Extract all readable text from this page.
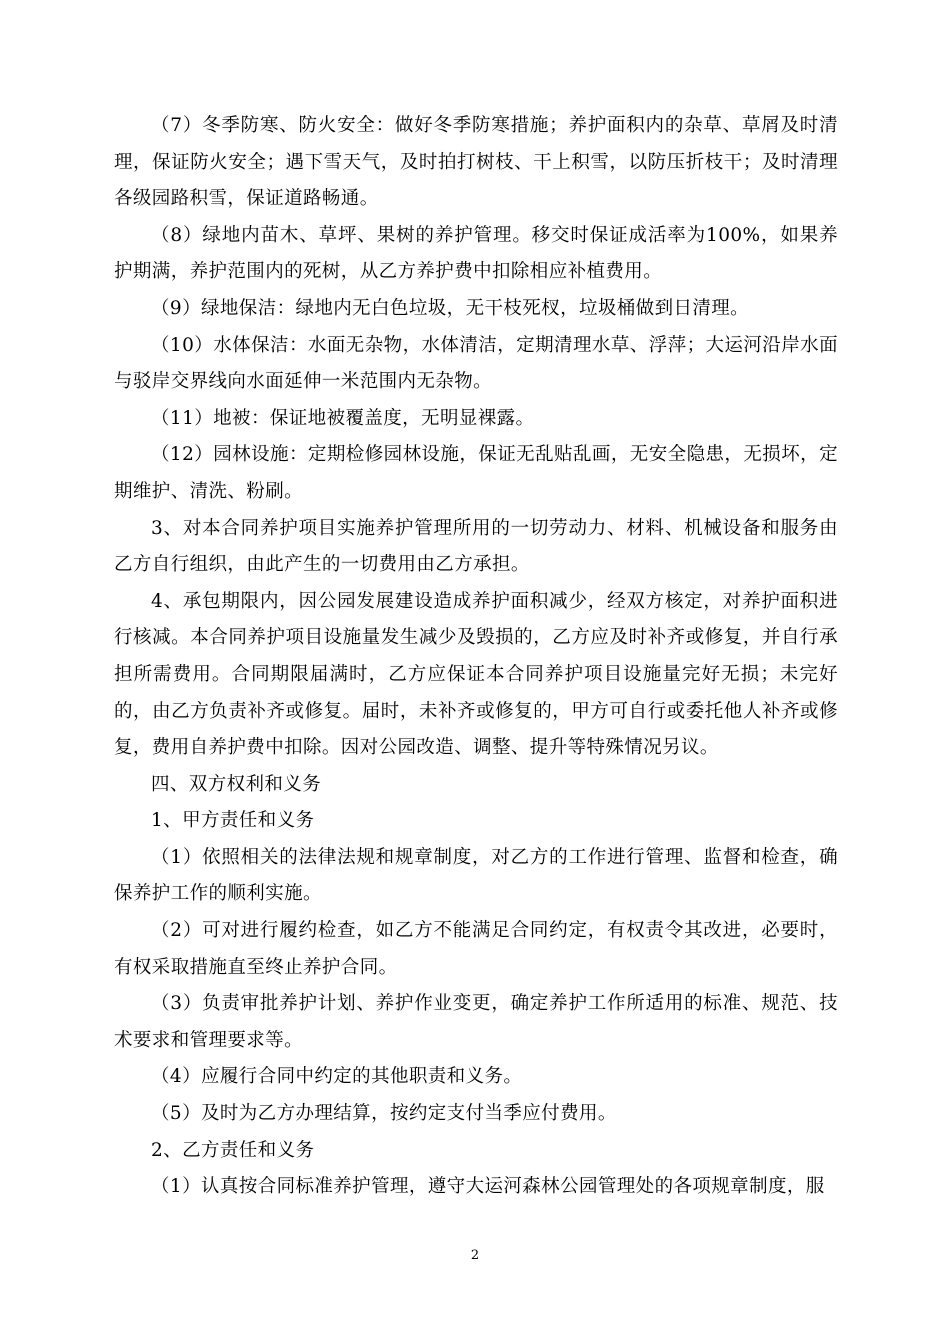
（7）冬季防寒、防火安全：做好冬季防寒措施；养护面积内的杂草、草屑及时清理，保证防火安全；遇下雪天气，及时拍打树枝、干上积雪，以防压折枝干；及时清理各级园路积雪，保证道路畅通。

（8）绿地内苗木、草坪、果树的养护管理。移交时保证成活率为100%，如果养护期满，养护范围内的死树，从乙方养护费中扣除相应补植费用。

（9）绿地保洁：绿地内无白色垃圾，无干枝死杈，垃圾桶做到日清理。

（10）水体保洁：水面无杂物，水体清洁，定期清理水草、浮萍；大运河沿岸水面与驳岸交界线向水面延伸一米范围内无杂物。

（11）地被：保证地被覆盖度，无明显裸露。

（12）园林设施：定期检修园林设施，保证无乱贴乱画，无安全隐患，无损坏，定期维护、清洗、粉刷。

3、对本合同养护项目实施养护管理所用的一切劳动力、材料、机械设备和服务由乙方自行组织，由此产生的一切费用由乙方承担。

4、承包期限内，因公园发展建设造成养护面积减少，经双方核定，对养护面积进行核减。本合同养护项目设施量发生减少及毁损的，乙方应及时补齐或修复，并自行承担所需费用。合同期限届满时，乙方应保证本合同养护项目设施量完好无损；未完好的，由乙方负责补齐或修复。届时，未补齐或修复的，甲方可自行或委托他人补齐或修复，费用自养护费中扣除。因对公园改造、调整、提升等特殊情况另议。

四、双方权利和义务

1、甲方责任和义务

（1）依照相关的法律法规和规章制度，对乙方的工作进行管理、监督和检查，确保养护工作的顺利实施。

（2）可对进行履约检查，如乙方不能满足合同约定，有权责令其改进，必要时，有权采取措施直至终止养护合同。

（3）负责审批养护计划、养护作业变更，确定养护工作所适用的标准、规范、技术要求和管理要求等。

（4）应履行合同中约定的其他职责和义务。

（5）及时为乙方办理结算，按约定支付当季应付费用。

2、乙方责任和义务

（1）认真按合同标准养护管理，遵守大运河森林公园管理处的各项规章制度，服

2
